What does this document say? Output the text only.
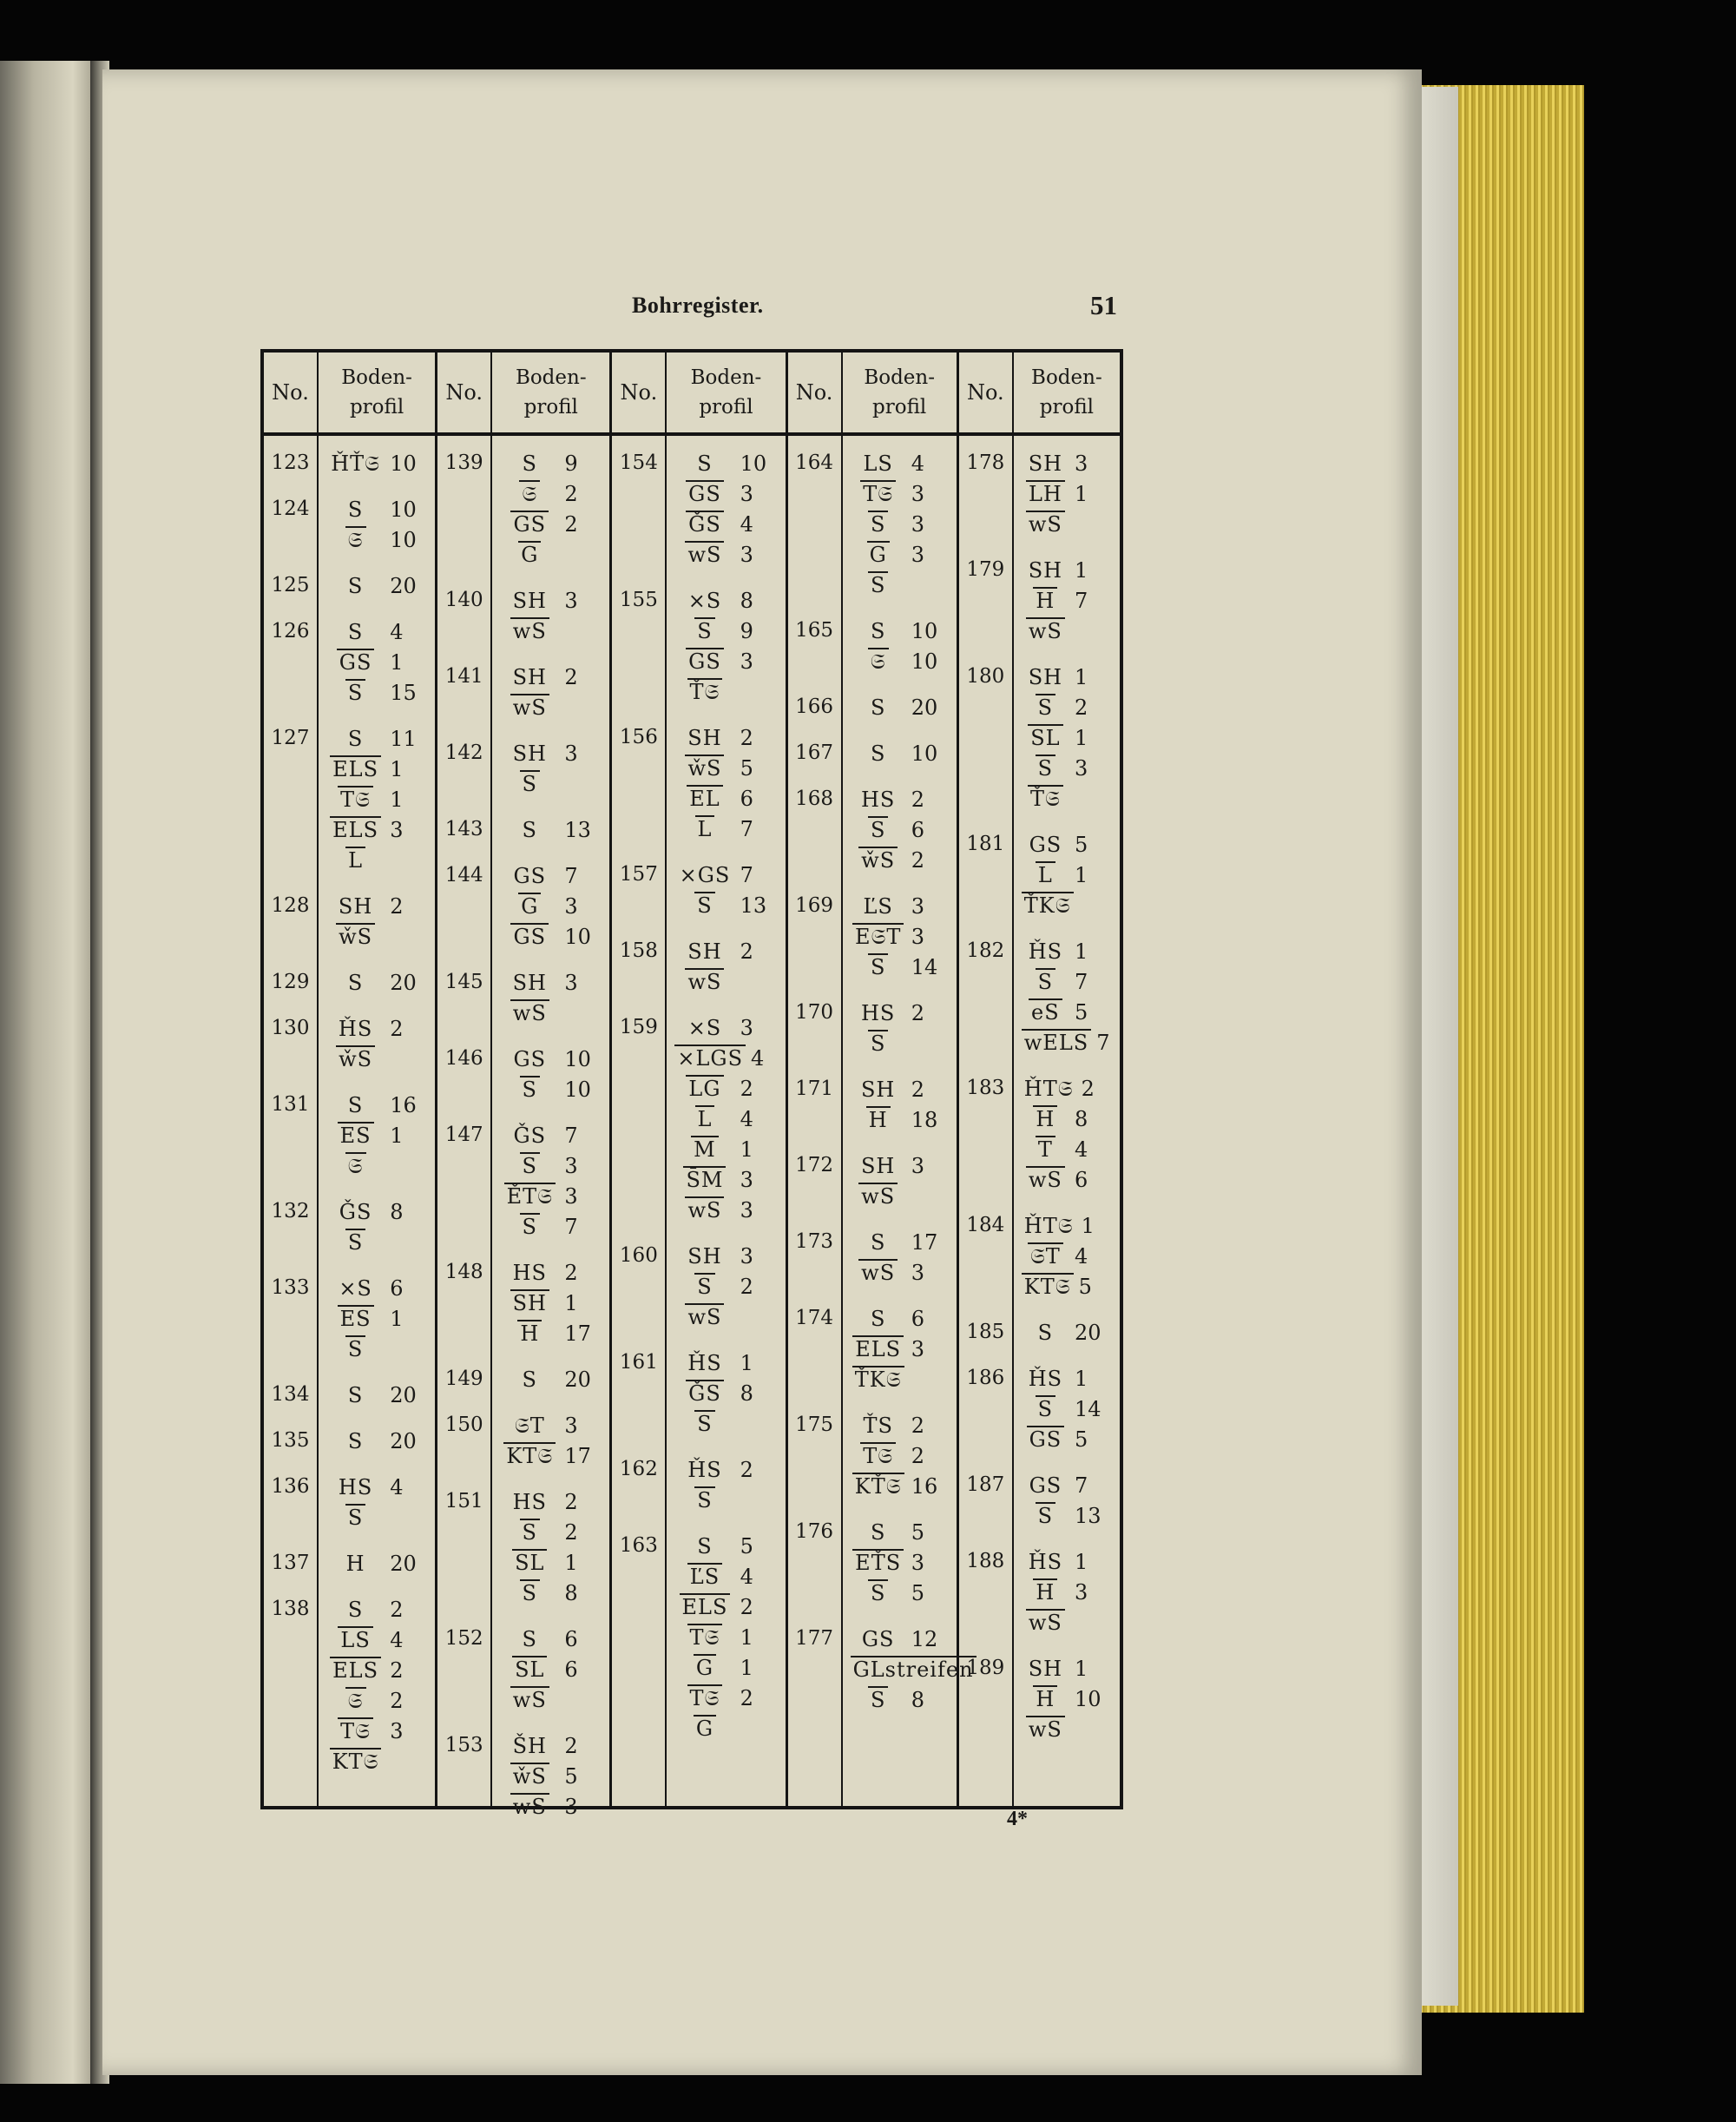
Bohrregister.	51
No.
Boden-
profil
123	ȞŤ𝔖 10
124	S	10
𝔖	10
125	S	20
126	S	4
GS 1
S	15
127	S	11
ELS 1
T𝔖 1
ELS 3
L
128	SH 2
w̌S
129	S	20
130	ȞS 2
w̌S
131	S	16
ES 1
𝔖
132	ǦS 8
S
133	×S 6
ES 1
S
134	S	20
135	S	20
136	HS 4
S
137	H	20
138	S	2
LS 4
ELS 2
𝔖	2
T𝔖 3
KT𝔖
No.
Boden-
profil
139	S	9
𝔖	2
GS 2
G
140	SH 3
wS
141	SH 2
wS
142	SH 3
S
143	S	13
144	GS 7
G	3
GS 10
145	SH 3
wS
146	GS 10
S	10
147	ǦS 7
S	3
ĚT𝔖 3
S	7
148	HS 2
SH 1
H	17
149	S	20
150	𝔖T 3
KT𝔖 17
151	HS 2
S	2
SL 1
S	8
152	S	6
SL 6
wS
153	ŠH 2
w̌S 5
wS 3
No.
Boden-
profil
154	S	10
GS 3
ǦS 4
wS 3
155	×S 8
S	9
GS 3
Ť𝔖
156	SH 2
w̌S 5
EL 6
L	7
157	×GS 7
S	13
158	SH 2
wS
159	×S 3
×LGS 4
LG 2
L	4
M	1
S̄M 3
wS 3
160	SH 3
S	2
wS
161	ȞS 1
ǦS 8
S
162	ȞS 2
S
163	S	5
ĽS 4
ELS 2
T𝔖 1
G	1
T𝔖 2
G
No.
Boden-
profil
164	LS 4
T𝔖 3
S	3
G	3
S
165	S	10
𝔖	10
166	S	20
167	S	10
168	HS 2
S	6
w̌S 2
169	ĽS 3
E𝔖T 3
S	14
170	HS 2
S
171	SH 2
H	18
172	SH 3
wS
173	S	17
wS 3
174	S	6
ELS 3
ŤK𝔖
175	ŤS 2
T𝔖 2
KŤ𝔖 16
176	S	5
EŤS 3
S	5
177	GS 12
GLstreifen
S	8
No.
Boden-
profil
178	SH 3
LH 1
wS
179	SH 1
H 7
wS
180	SH 1
S	2
SL 1
S	3
Ť𝔖
181	GS 5
L	1
ŤK𝔖
182	ȞS 1
S	7
eS 5
wELS 7
183 ȞT𝔖 2
H 8
T	4
wS 6
184 ȞT𝔖 1
𝔖T 4
KT𝔖 5
185	S	20
186	ȞS 1
S	14
GS 5
187	GS 7
S	13
188	ȞS 1
H 3
wS
189	SH 1
H 10
wS
4*
